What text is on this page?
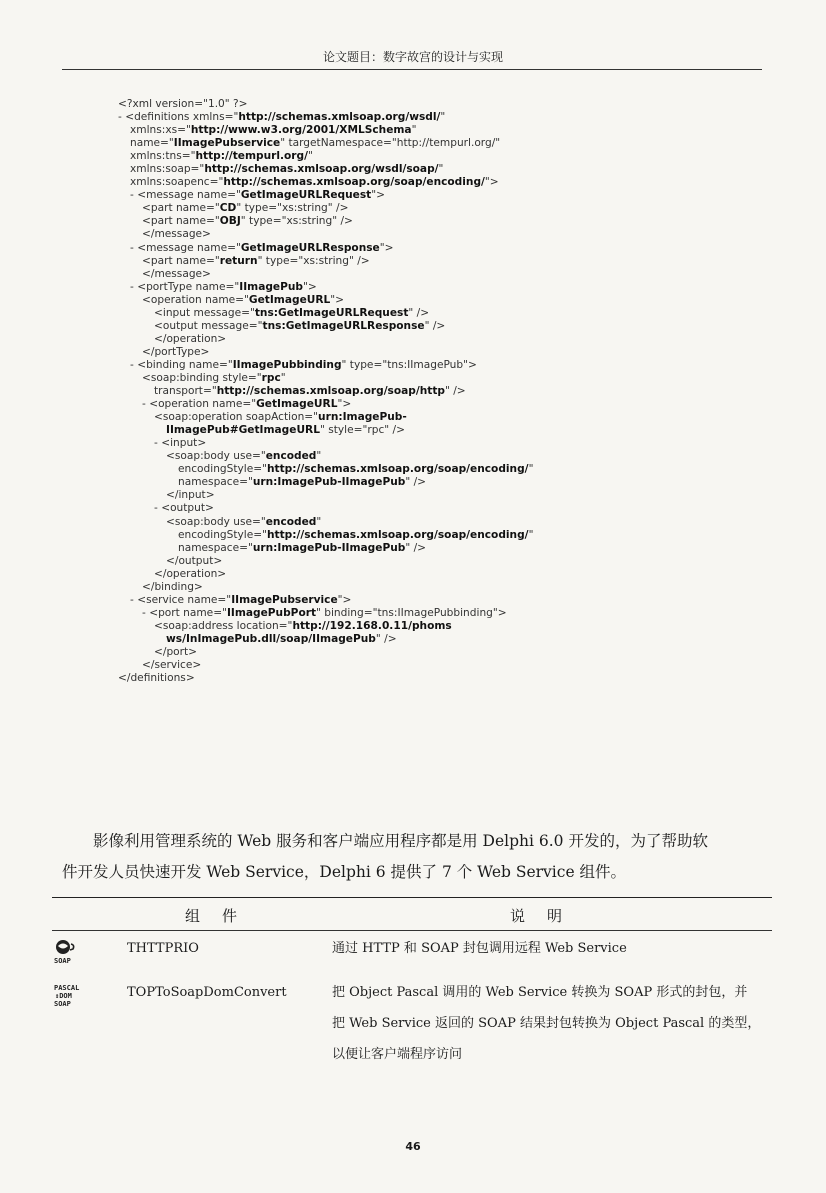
论文题目：数字故宫的设计与实现
<?xml version="1.0" ?>
- <definitions xmlns="http://schemas.xmlsoap.org/wsdl/"
xmlns:xs="http://www.w3.org/2001/XMLSchema"
name="IImagePubservice" targetNamespace="http://tempurl.org/"
xmlns:tns="http://tempurl.org/"
xmlns:soap="http://schemas.xmlsoap.org/wsdl/soap/"
xmlns:soapenc="http://schemas.xmlsoap.org/soap/encoding/">
- <message name="GetImageURLRequest">
<part name="CD" type="xs:string" />
<part name="OBJ" type="xs:string" />
</message>
- <message name="GetImageURLResponse">
<part name="return" type="xs:string" />
</message>
- <portType name="IImagePub">
<operation name="GetImageURL">
<input message="tns:GetImageURLRequest" />
<output message="tns:GetImageURLResponse" />
</operation>
</portType>
- <binding name="IImagePubbinding" type="tns:IImagePub">
<soap:binding style="rpc"
transport="http://schemas.xmlsoap.org/soap/http" />
- <operation name="GetImageURL">
<soap:operation soapAction="urn:ImagePub-
IImagePub#GetImageURL" style="rpc" />
- <input>
<soap:body use="encoded"
encodingStyle="http://schemas.xmlsoap.org/soap/encoding/"
namespace="urn:ImagePub-IImagePub" />
</input>
- <output>
<soap:body use="encoded"
encodingStyle="http://schemas.xmlsoap.org/soap/encoding/"
namespace="urn:ImagePub-IImagePub" />
</output>
</operation>
</binding>
- <service name="IImagePubservice">
- <port name="IImagePubPort" binding="tns:IImagePubbinding">
<soap:address location="http://192.168.0.11/phoms
ws/InImagePub.dll/soap/IImagePub" />
</port>
</service>
</definitions>
影像利用管理系统的 Web 服务和客户端应用程序都是用 Delphi 6.0 开发的，为了帮助软
件开发人员快速开发 Web Service，Delphi 6 提供了 7 个 Web Service 组件。
组件	说明
SOAP
THTTPRIO	通过 HTTP 和 SOAP 封包调用远程 Web Service
PASCAL
↕DOM
SOAP
TOPToSoapDomConvert	把 Object Pascal 调用的 Web Service 转换为 SOAP 形式的封包，并
把 Web Service 返回的 SOAP 结果封包转换为 Object Pascal 的类型，
以便让客户端程序访问
46
